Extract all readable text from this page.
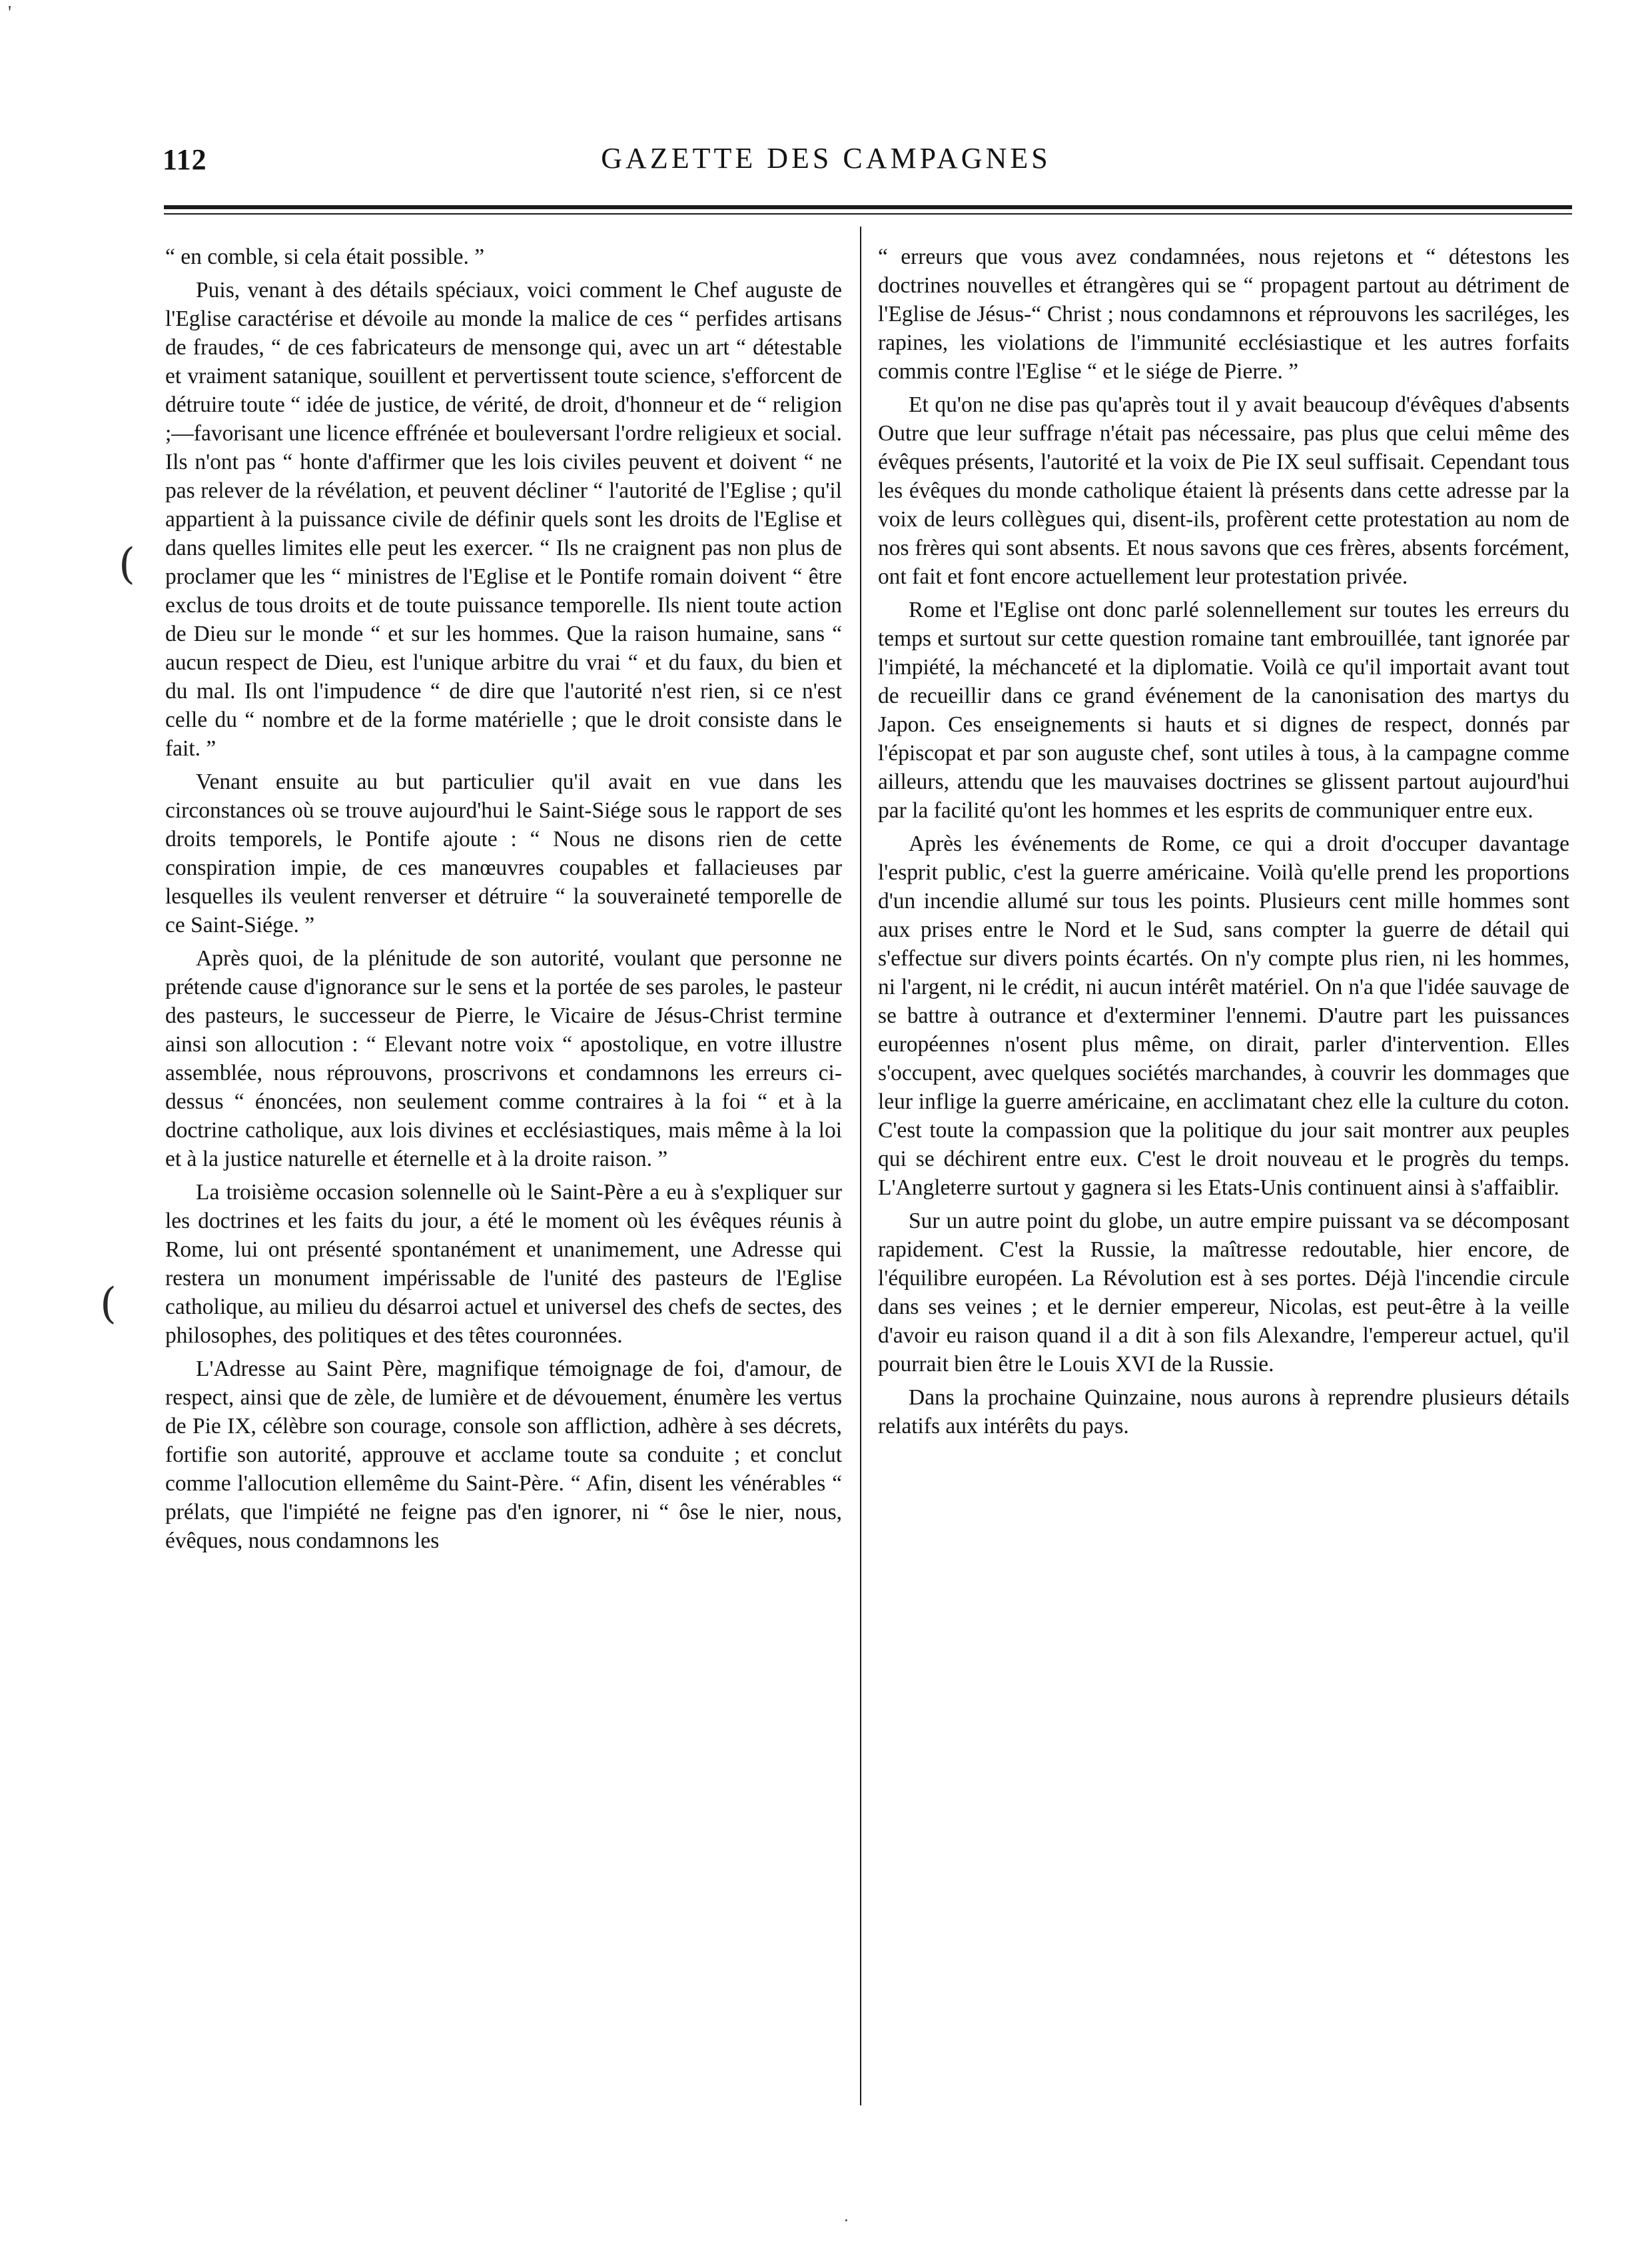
'
112	GAZETTE DES CAMPAGNES

“ en comble, si cela était possible. ”

Puis, venant à des détails spéciaux, voici comment le Chef auguste de l'Eglise caractérise et dévoile au monde la malice de ces “ perfides artisans de fraudes, “ de ces fabricateurs de mensonge qui, avec un art “ détestable et vraiment satanique, souillent et pervertissent toute science, s'efforcent de détruire toute “ idée de justice, de vérité, de droit, d'honneur et de “ religion ;—favorisant une licence effrénée et bouleversant l'ordre religieux et social. Ils n'ont pas “ honte d'affirmer que les lois civiles peuvent et doivent “ ne pas relever de la révélation, et peuvent décliner “ l'autorité de l'Eglise ; qu'il appartient à la puissance civile de définir quels sont les droits de l'Eglise et dans quelles limites elle peut les exercer. “ Ils ne craignent pas non plus de proclamer que les “ ministres de l'Eglise et le Pontife romain doivent “ être exclus de tous droits et de toute puissance temporelle. Ils nient toute action de Dieu sur le monde “ et sur les hommes. Que la raison humaine, sans “ aucun respect de Dieu, est l'unique arbitre du vrai “ et du faux, du bien et du mal. Ils ont l'impudence “ de dire que l'autorité n'est rien, si ce n'est celle du “ nombre et de la forme matérielle ; que le droit consiste dans le fait. ”

Venant ensuite au but particulier qu'il avait en vue dans les circonstances où se trouve aujourd'hui le Saint-Siége sous le rapport de ses droits temporels, le Pontife ajoute : “ Nous ne disons rien de cette conspiration impie, de ces manœuvres coupables et fallacieuses par lesquelles ils veulent renverser et détruire “ la souveraineté temporelle de ce Saint-Siége. ”

Après quoi, de la plénitude de son autorité, voulant que personne ne prétende cause d'ignorance sur le sens et la portée de ses paroles, le pasteur des pasteurs, le successeur de Pierre, le Vicaire de Jésus-Christ termine ainsi son allocution : “ Elevant notre voix “ apostolique, en votre illustre assemblée, nous réprouvons, proscrivons et condamnons les erreurs ci-dessus “ énoncées, non seulement comme contraires à la foi “ et à la doctrine catholique, aux lois divines et ecclésiastiques, mais même à la loi et à la justice naturelle et éternelle et à la droite raison. ”

La troisième occasion solennelle où le Saint-Père a eu à s'expliquer sur les doctrines et les faits du jour, a été le moment où les évêques réunis à Rome, lui ont présenté spontanément et unanimement, une Adresse qui restera un monument impérissable de l'unité des pasteurs de l'Eglise catholique, au milieu du désarroi actuel et universel des chefs de sectes, des philosophes, des politiques et des têtes couronnées.

L'Adresse au Saint Père, magnifique témoignage de foi, d'amour, de respect, ainsi que de zèle, de lumière et de dévouement, énumère les vertus de Pie IX, célèbre son courage, console son affliction, adhère à ses décrets, fortifie son autorité, approuve et acclame toute sa conduite ; et conclut comme l'allocution ellemême du Saint-Père. “ Afin, disent les vénérables “ prélats, que l'impiété ne feigne pas d'en ignorer, ni “ ôse le nier, nous, évêques, nous condamnons les

“ erreurs que vous avez condamnées, nous rejetons et “ détestons les doctrines nouvelles et étrangères qui se “ propagent partout au détriment de l'Eglise de Jésus-“ Christ ; nous condamnons et réprouvons les sacriléges, les rapines, les violations de l'immunité ecclésiastique et les autres forfaits commis contre l'Eglise “ et le siége de Pierre. ”

Et qu'on ne dise pas qu'après tout il y avait beaucoup d'évêques d'absents Outre que leur suffrage n'était pas nécessaire, pas plus que celui même des évêques présents, l'autorité et la voix de Pie IX seul suffisait. Cependant tous les évêques du monde catholique étaient là présents dans cette adresse par la voix de leurs collègues qui, disent-ils, profèrent cette protestation au nom de nos frères qui sont absents. Et nous savons que ces frères, absents forcément, ont fait et font encore actuellement leur protestation privée.

Rome et l'Eglise ont donc parlé solennellement sur toutes les erreurs du temps et surtout sur cette question romaine tant embrouillée, tant ignorée par l'impiété, la méchanceté et la diplomatie. Voilà ce qu'il importait avant tout de recueillir dans ce grand événement de la canonisation des martys du Japon. Ces enseignements si hauts et si dignes de respect, donnés par l'épiscopat et par son auguste chef, sont utiles à tous, à la campagne comme ailleurs, attendu que les mauvaises doctrines se glissent partout aujourd'hui par la facilité qu'ont les hommes et les esprits de communiquer entre eux.

Après les événements de Rome, ce qui a droit d'occuper davantage l'esprit public, c'est la guerre américaine. Voilà qu'elle prend les proportions d'un incendie allumé sur tous les points. Plusieurs cent mille hommes sont aux prises entre le Nord et le Sud, sans compter la guerre de détail qui s'effectue sur divers points écartés. On n'y compte plus rien, ni les hommes, ni l'argent, ni le crédit, ni aucun intérêt matériel. On n'a que l'idée sauvage de se battre à outrance et d'exterminer l'ennemi. D'autre part les puissances européennes n'osent plus même, on dirait, parler d'intervention. Elles s'occupent, avec quelques sociétés marchandes, à couvrir les dommages que leur inflige la guerre américaine, en acclimatant chez elle la culture du coton. C'est toute la compassion que la politique du jour sait montrer aux peuples qui se déchirent entre eux. C'est le droit nouveau et le progrès du temps. L'Angleterre surtout y gagnera si les Etats-Unis continuent ainsi à s'affaiblir.

Sur un autre point du globe, un autre empire puissant va se décomposant rapidement. C'est la Russie, la maîtresse redoutable, hier encore, de l'équilibre européen. La Révolution est à ses portes. Déjà l'incendie circule dans ses veines ; et le dernier empereur, Nicolas, est peut-être à la veille d'avoir eu raison quand il a dit à son fils Alexandre, l'empereur actuel, qu'il pourrait bien être le Louis XVI de la Russie.

Dans la prochaine Quinzaine, nous aurons à reprendre plusieurs détails relatifs aux intérêts du pays.

(
(
·
